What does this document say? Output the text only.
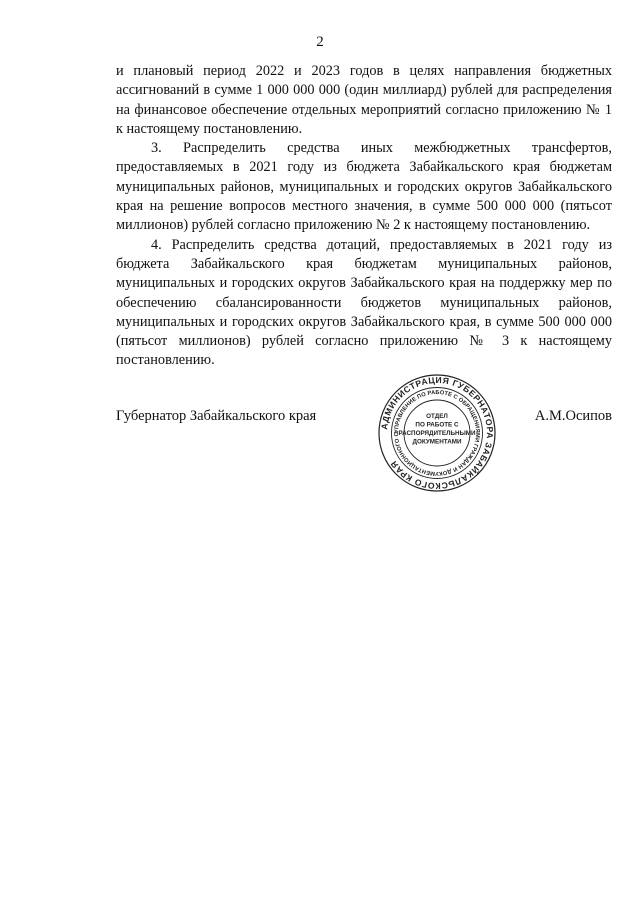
2

и плановый период 2022 и 2023 годов в целях направления бюджетных ассигнований в сумме 1 000 000 000 (один миллиард) рублей для распределения на финансовое обеспечение отдельных мероприятий согласно приложению № 1 к настоящему постановлению.

3. Распределить средства иных межбюджетных трансфертов, предоставляемых в 2021 году из бюджета Забайкальского края бюджетам муниципальных районов, муниципальных и городских округов Забайкальского края на решение вопросов местного значения, в сумме 500 000 000 (пятьсот миллионов) рублей согласно приложению № 2 к настоящему постановлению.

4. Распределить средства дотаций, предоставляемых в 2021 году из бюджета Забайкальского края бюджетам муниципальных районов, муниципальных и городских округов Забайкальского края на поддержку мер по обеспечению сбалансированности бюджетов муниципальных районов, муниципальных и городских округов Забайкальского края, в сумме 500 000 000 (пятьсот миллионов) рублей согласно приложению № 3 к настоящему постановлению.

Губернатор Забайкальского края	А.М.Осипов
АДМИНИСТРАЦИЯ ГУБЕРНАТОРА ЗАБАЙКАЛЬСКОГО КРАЯ
УПРАВЛЕНИЕ ПО РАБОТЕ С ОБРАЩЕНИЯМИ ГРАЖДАН И ДОКУМЕНТАЦИОННОГО О
ОТДЕЛ ПО РАБОТЕ С РАСПОРЯДИТЕЛЬНЫМИ ДОКУМЕНТАМИ
